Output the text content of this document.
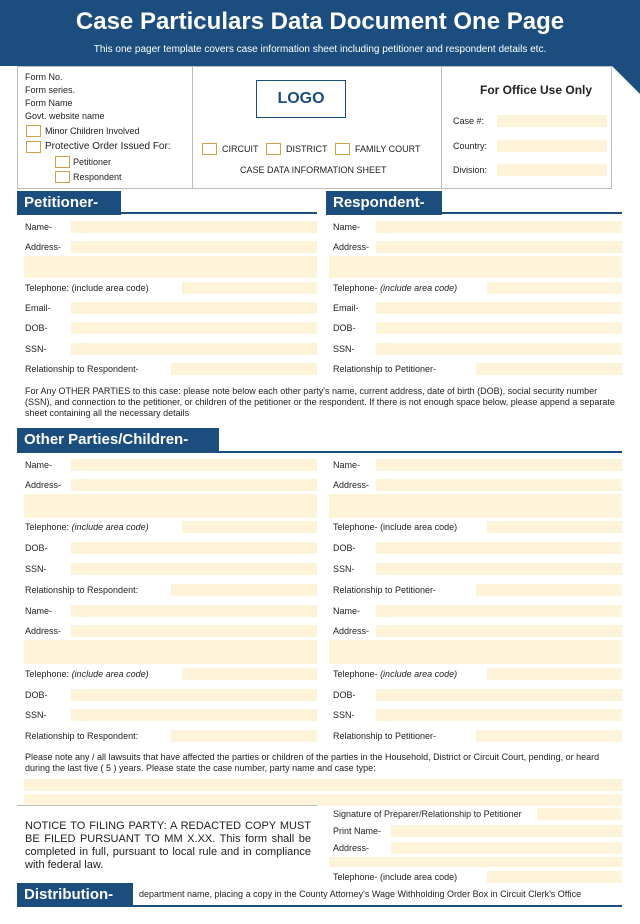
Case Particulars Data Document One Page
This one pager template covers case information sheet including petitioner and respondent details etc.
Form No.
Form series.
Form Name
Govt. website name
Minor Children Involved
Protective Order Issued For:
Petitioner
Respondent
LOGO
CIRCUIT	DISTRICT	FAMILY COURT
CASE DATA INFORMATION SHEET
For Office Use Only
Case #:
Country:
Division:
Petitioner-	Respondent-
Name-
Address-
Telephone: (include area code)
Email-
DOB-
SSN-
Relationship to Respondent-
Name-
Address-
Telephone- (include area code)
Email-
DOB-
SSN-
Relationship to Petitioner-
For Any OTHER PARTIES to this case: please note below each other party's name, current address, date of birth (DOB), social security number (SSN), and connection to the petitioner, or children of the petitioner or the respondent. If there is not enough space below, please append a separate sheet containing all the necessary details
Other Parties/Children-
Name-
Address-
Telephone: (include area code)
DOB-
SSN-
Relationship to Respondent:
Name-
Address-
Telephone- (include area code)
DOB-
SSN-
Relationship to Petitioner-
Name-
Address-
Telephone: (include area code)
DOB-
SSN-
Relationship to Respondent:
Name-
Address-
Telephone- (include area code)
DOB-
SSN-
Relationship to Petitioner-
Please note any / all lawsuits that have affected the parties or children of the parties in the Household, District or Circuit Court, pending, or heard during the last five ( 5 ) years. Please state the case number, party name and case type:
NOTICE TO FILING PARTY: A REDACTED COPY MUST BE FILED PURSUANT TO MM X.XX. This form shall be completed in full, pursuant to local rule and in compliance with federal law.
Signature of Preparer/Relationship to Petitioner
Print Name-
Address-
Telephone- (include area code)
Distribution-	department name, placing a copy in the County Attorney's Wage Withholding Order Box in Circuit Clerk's Office
